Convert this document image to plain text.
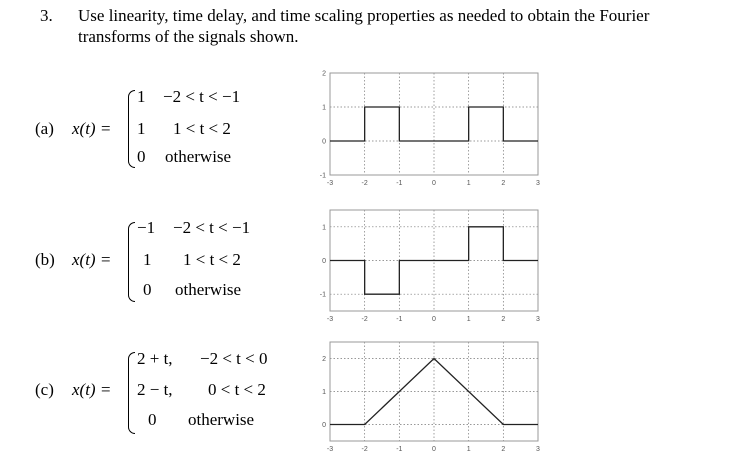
3. Use linearity, time delay, and time scaling properties as needed to obtain the Fourier
transforms of the signals shown.
(a) x(t) =
1 −2 < t < −1
1 1 < t < 2
0 otherwise
(b) x(t) =
−1 −2 < t < −1
1 1 < t < 2
0 otherwise
(c) x(t) =
2 + t, −2 < t < 0
2 − t, 0 < t < 2
0 otherwise
-3	-2	-1	0	1	2	3
2
1
0
-1
-3	-2	-1	0	1	2	3
1
0
-1
-3	-2	-1	0	1	2	3
2
1
0
